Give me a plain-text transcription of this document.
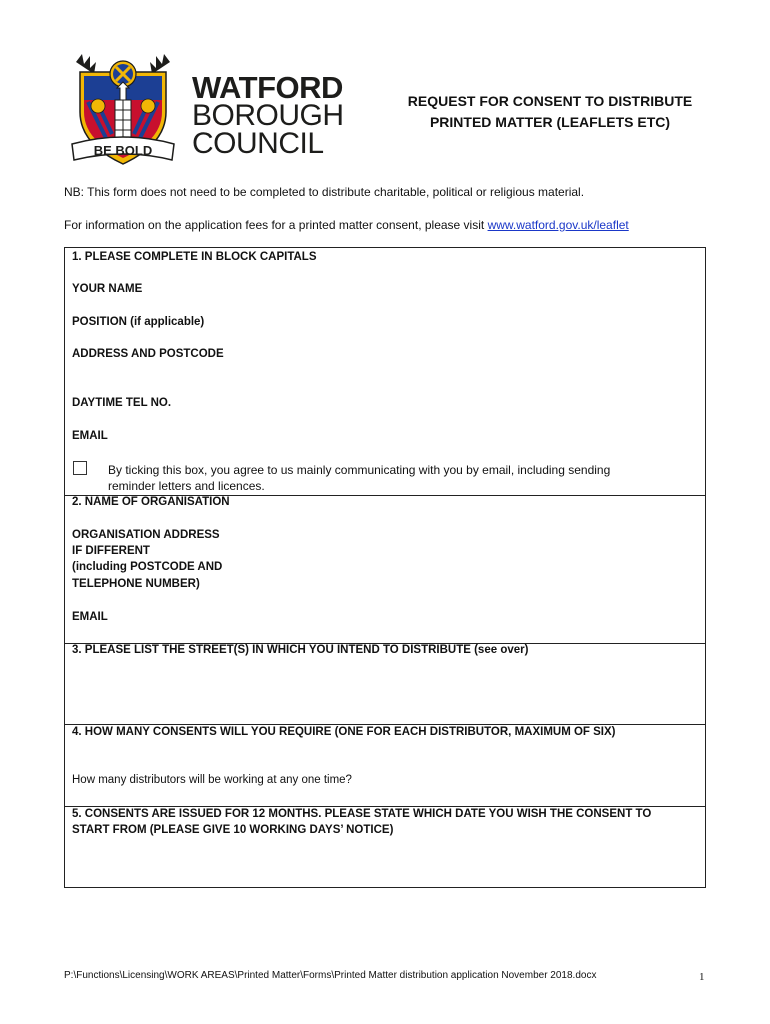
BE BOLD
WATFORD
BOROUGH
COUNCIL
REQUEST FOR CONSENT TO DISTRIBUTE
PRINTED MATTER (LEAFLETS ETC)
NB: This form does not need to be completed to distribute charitable, political or religious material.
For information on the application fees for a printed matter consent, please visit www.watford.gov.uk/leaflet
1. PLEASE COMPLETE IN BLOCK CAPITALS
YOUR NAME
POSITION (if applicable)
ADDRESS AND POSTCODE
DAYTIME TEL NO.
EMAIL
By ticking this box, you agree to us mainly communicating with you by email, including sending
reminder letters and licences.
2. NAME OF ORGANISATION
ORGANISATION ADDRESS
IF DIFFERENT
(including POSTCODE AND
TELEPHONE NUMBER)
EMAIL
3. PLEASE LIST THE STREET(S) IN WHICH YOU INTEND TO DISTRIBUTE (see over)
4. HOW MANY CONSENTS WILL YOU REQUIRE (ONE FOR EACH DISTRIBUTOR, MAXIMUM OF SIX)
How many distributors will be working at any one time?
5. CONSENTS ARE ISSUED FOR 12 MONTHS. PLEASE STATE WHICH DATE YOU WISH THE CONSENT TO
START FROM (PLEASE GIVE 10 WORKING DAYS’ NOTICE)
P:\Functions\Licensing\WORK AREAS\Printed Matter\Forms\Printed Matter distribution application November 2018.docx	1
